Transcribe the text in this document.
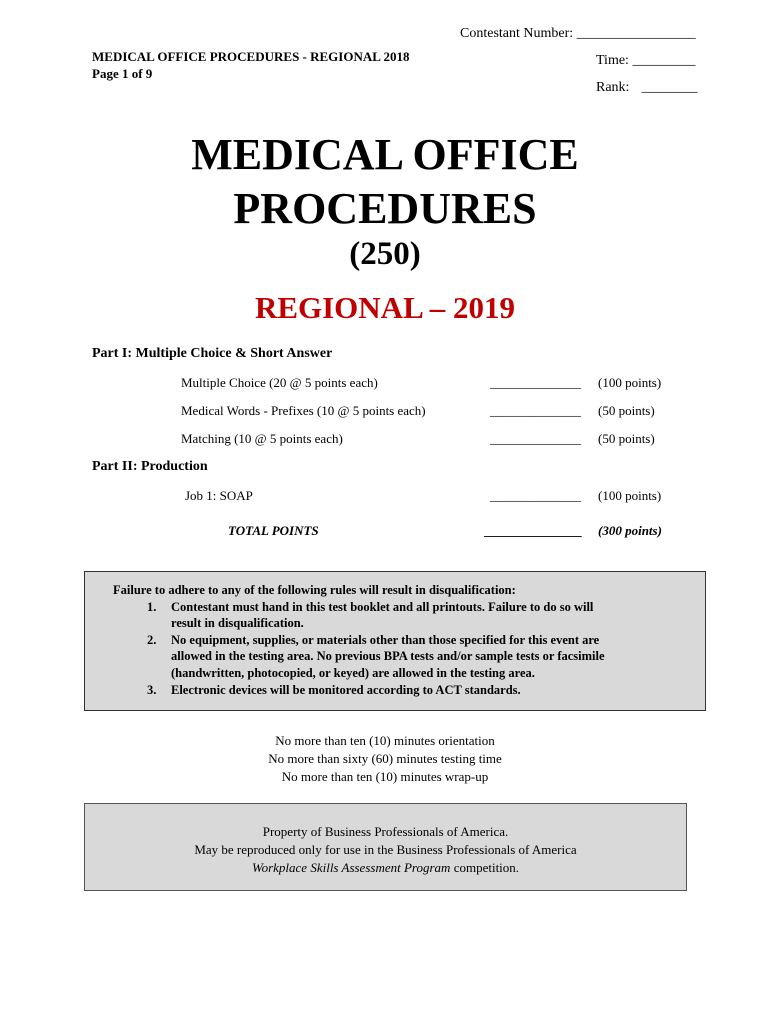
Contestant Number: _________________
MEDICAL OFFICE PROCEDURES - REGIONAL 2018
Page 1 of 9
Time: _________
Rank: ________
MEDICAL OFFICE
PROCEDURES
(250)
REGIONAL – 2019
Part I: Multiple Choice & Short Answer
Multiple Choice (20 @ 5 points each)	______________ (100 points)
Medical Words - Prefixes (10 @ 5 points each)	______________ (50 points)
Matching (10 @ 5 points each)	______________ (50 points)
Part II: Production
Job 1: SOAP	______________ (100 points)
TOTAL POINTS	_______________ (300 points)
Failure to adhere to any of the following rules will result in disqualification:
1. Contestant must hand in this test booklet and all printouts. Failure to do so will
result in disqualification.
2. No equipment, supplies, or materials other than those specified for this event are
allowed in the testing area. No previous BPA tests and/or sample tests or facsimile
(handwritten, photocopied, or keyed) are allowed in the testing area.
3. Electronic devices will be monitored according to ACT standards.
No more than ten (10) minutes orientation
No more than sixty (60) minutes testing time
No more than ten (10) minutes wrap-up
Property of Business Professionals of America.
May be reproduced only for use in the Business Professionals of America
Workplace Skills Assessment Program competition.
